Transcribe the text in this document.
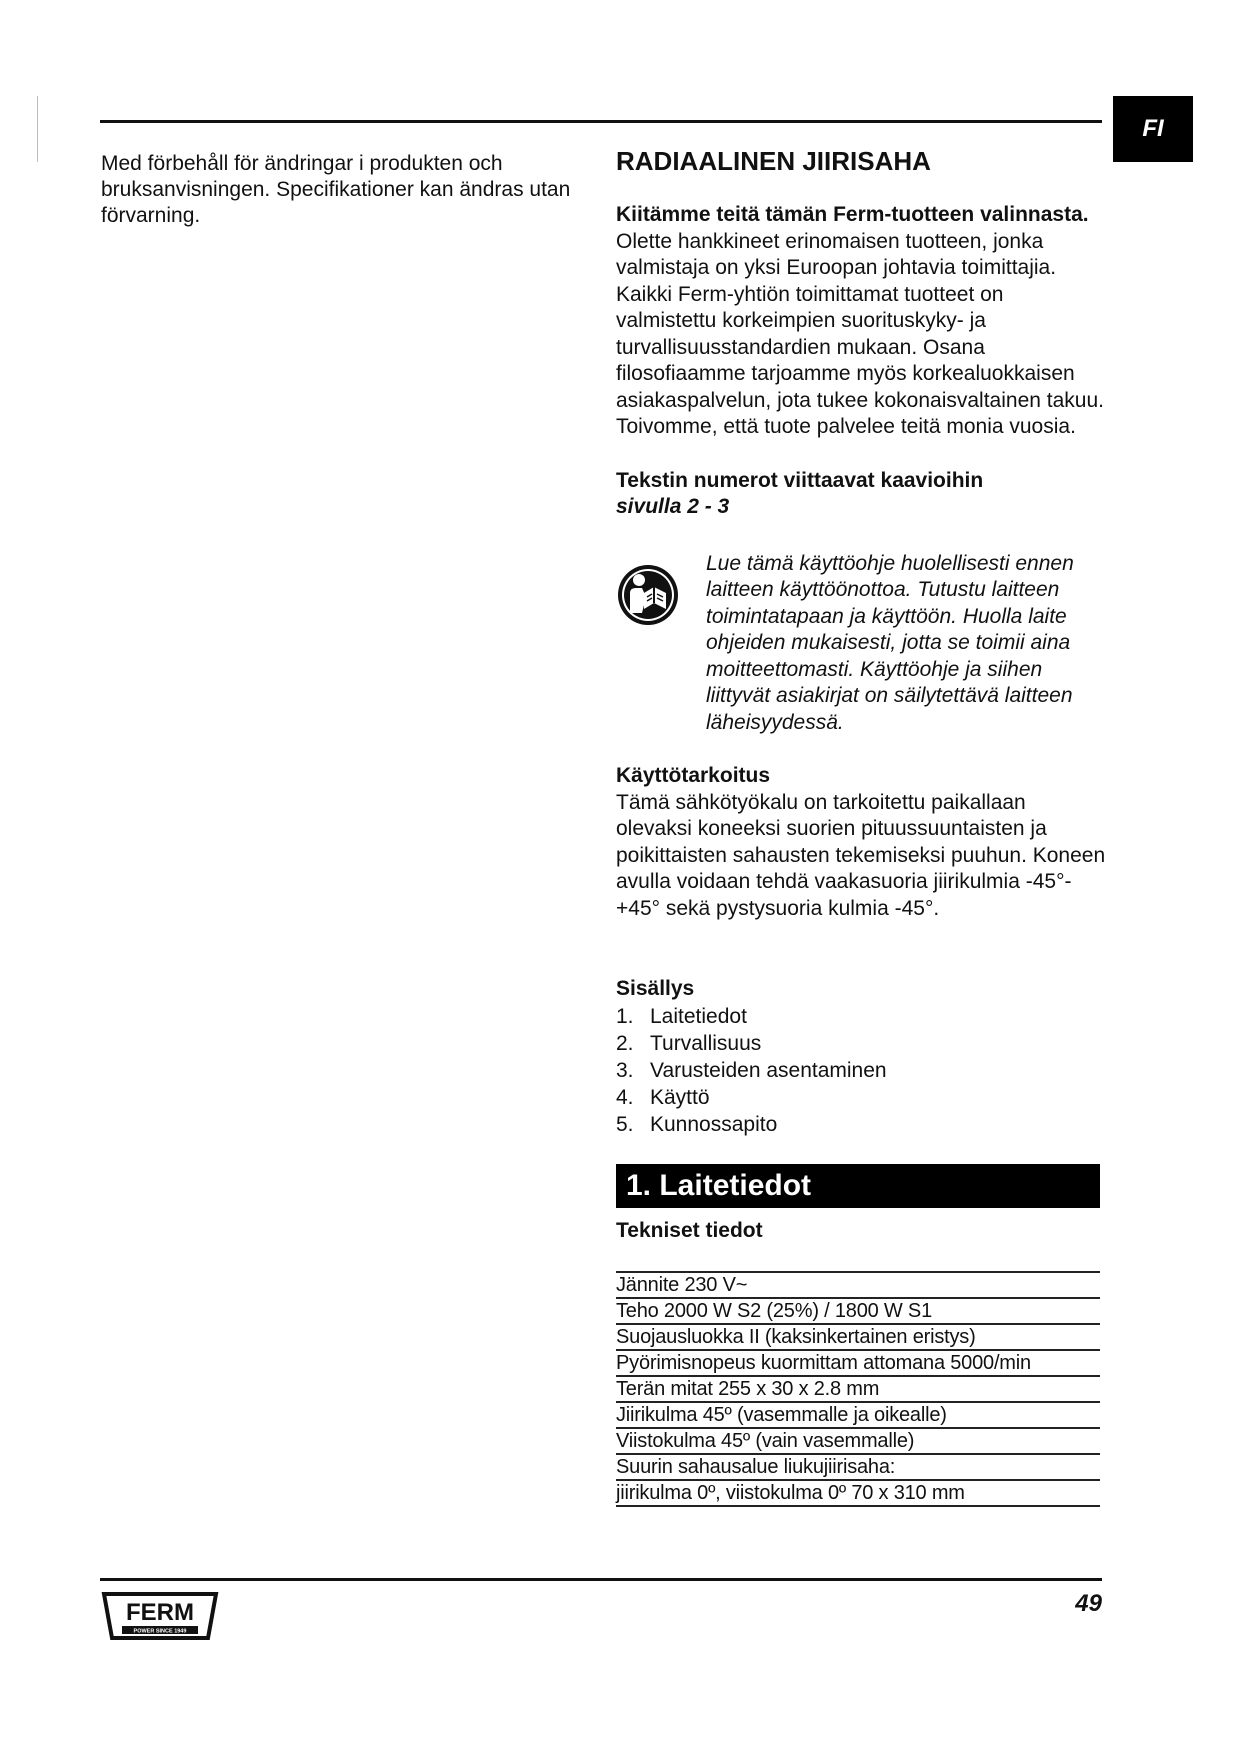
FI
Med förbehåll för ändringar i produkten och bruksanvisningen. Specifikationer kan ändras utan förvarning.
RADIAALINEN JIIRISAHA

Kiitämme teitä tämän Ferm-tuotteen valinnasta.

Olette hankkineet erinomaisen tuotteen, jonka valmistaja on yksi Euroopan johtavia toimittajia. Kaikki Ferm-yhtiön toimittamat tuotteet on valmistettu korkeimpien suorituskyky- ja turvallisuusstandardien mukaan. Osana filosofiaamme tarjoamme myös korkealuokkaisen asiakaspalvelun, jota tukee kokonaisvaltainen takuu.

Toivomme, että tuote palvelee teitä monia vuosia.

Tekstin numerot viittaavat kaavioihin

sivulla 2 - 3

Lue tämä käyttöohje huolellisesti ennen laitteen käyttöönottoa. Tutustu laitteen toimintatapaan ja käyttöön. Huolla laite ohjeiden mukaisesti, jotta se toimii aina moitteettomasti. Käyttöohje ja siihen liittyvät asiakirjat on säilytettävä laitteen läheisyydessä.

Käyttötarkoitus

Tämä sähkötyökalu on tarkoitettu paikallaan olevaksi koneeksi suorien pituussuuntaisten ja poikittaisten sahausten tekemiseksi puuhun. Koneen avulla voidaan tehdä vaakasuoria jiirikulmia -45°- +45° sekä pystysuoria kulmia -45°.

Sisällys

1. Laitetiedot
2. Turvallisuus
3. Varusteiden asentaminen
4. Käyttö
5. Kunnossapito
1. Laitetiedot

Tekniset tiedot

Jännite 230 V~
Teho 2000 W S2 (25%) / 1800 W S1
Suojausluokka II (kaksinkertainen eristys)
Pyörimisnopeus kuormittam attomana 5000/min
Terän mitat 255 x 30 x 2.8 mm
Jiirikulma 45º (vasemmalle ja oikealle)
Viistokulma 45º (vain vasemmalle)
Suurin sahausalue liukujiirisaha:
jiirikulma 0º, viistokulma 0º 70 x 310 mm
FERM
POWER SINCE 1949
49
